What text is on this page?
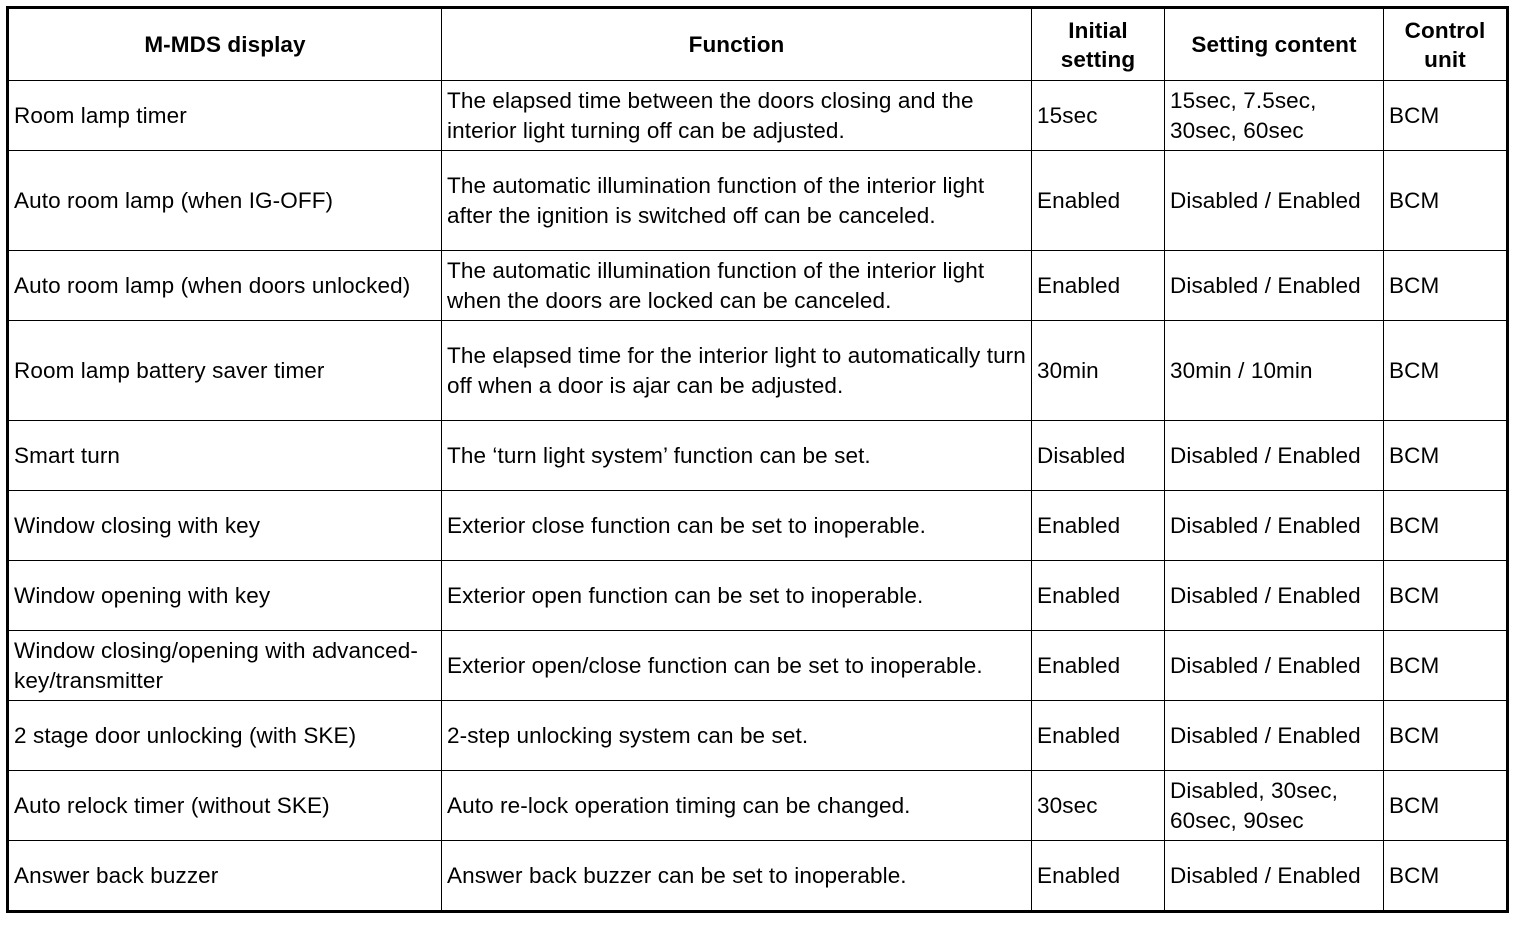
M-MDS display	Function	Initial setting	Setting content	Control unit
Room lamp timer	The elapsed time between the doors closing and the interior light turning off can be adjusted.	15sec	15sec, 7.5sec, 30sec, 60sec	BCM
Auto room lamp (when IG-OFF)	The automatic illumination function of the interior light after the ignition is switched off can be canceled.	Enabled	Disabled / Enabled	BCM
Auto room lamp (when doors unlocked)	The automatic illumination function of the interior light when the doors are locked can be canceled.	Enabled	Disabled / Enabled	BCM
Room lamp battery saver timer	The elapsed time for the interior light to automatically turn off when a door is ajar can be adjusted.	30min	30min / 10min	BCM
Smart turn	The ‘turn light system’ function can be set.	Disabled	Disabled / Enabled	BCM
Window closing with key	Exterior close function can be set to inoperable.	Enabled	Disabled / Enabled	BCM
Window opening with key	Exterior open function can be set to inoperable.	Enabled	Disabled / Enabled	BCM
Window closing/opening with advanced-key/transmitter	Exterior open/close function can be set to inoperable.	Enabled	Disabled / Enabled	BCM
2 stage door unlocking (with SKE)	2-step unlocking system can be set.	Enabled	Disabled / Enabled	BCM
Auto relock timer (without SKE)	Auto re-lock operation timing can be changed.	30sec	Disabled, 30sec, 60sec, 90sec	BCM
Answer back buzzer	Answer back buzzer can be set to inoperable.	Enabled	Disabled / Enabled	BCM
